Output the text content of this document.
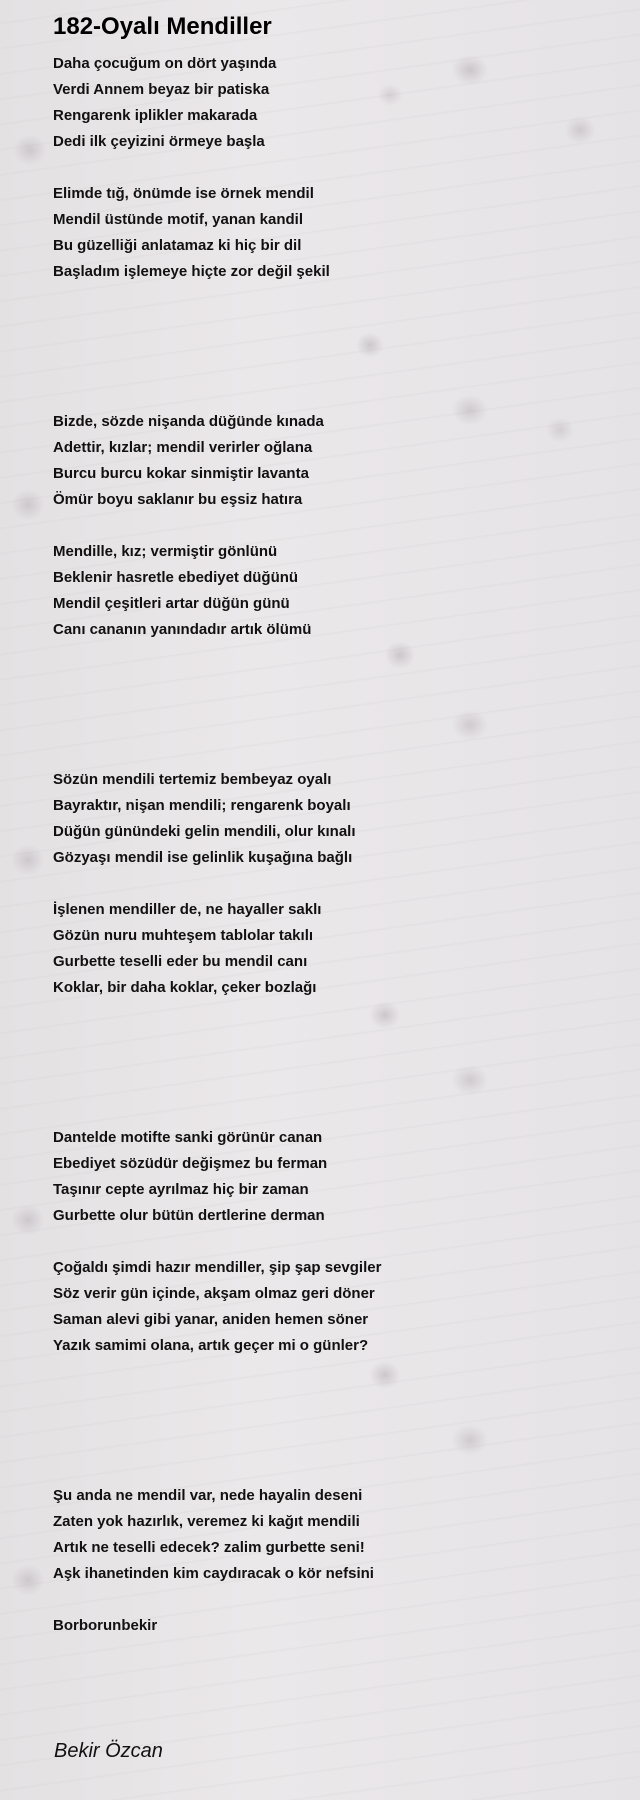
182-Oyalı Mendiller
Daha çocuğum on dört yaşında
Verdi Annem beyaz bir patiska
Rengarenk iplikler makarada
Dedi ilk çeyizini örmeye başla
Elimde tığ, önümde ise örnek mendil
Mendil üstünde motif, yanan kandil
Bu güzelliği anlatamaz ki hiç bir dil
Başladım işlemeye hiçte zor değil şekil
Bizde, sözde nişanda düğünde kınada
Adettir, kızlar; mendil verirler oğlana
Burcu burcu kokar sinmiştir lavanta
Ömür boyu saklanır bu eşsiz hatıra
Mendille, kız; vermiştir gönlünü
Beklenir hasretle ebediyet düğünü
Mendil çeşitleri artar düğün günü
Canı cananın yanındadır artık ölümü
Sözün mendili tertemiz bembeyaz oyalı
Bayraktır, nişan mendili; rengarenk boyalı
Düğün günündeki gelin mendili, olur kınalı
Gözyaşı mendil ise gelinlik kuşağına bağlı
İşlenen mendiller de, ne hayaller saklı
Gözün nuru muhteşem tablolar takılı
Gurbette teselli eder bu mendil canı
Koklar, bir daha koklar, çeker bozlağı
Dantelde motifte sanki görünür canan
Ebediyet sözüdür değişmez bu ferman
Taşınır cepte ayrılmaz hiç bir zaman
Gurbette olur bütün dertlerine derman
Çoğaldı şimdi hazır mendiller, şip şap sevgiler
Söz verir gün içinde, akşam olmaz geri döner
Saman alevi gibi yanar, aniden hemen söner
Yazık samimi olana, artık geçer mi o günler?
Şu anda ne mendil var, nede hayalin deseni
Zaten yok hazırlık, veremez ki kağıt mendili
Artık ne teselli edecek? zalim gurbette seni!
Aşk ihanetinden kim caydıracak o kör nefsini
Borborunbekir
Bekir Özcan
